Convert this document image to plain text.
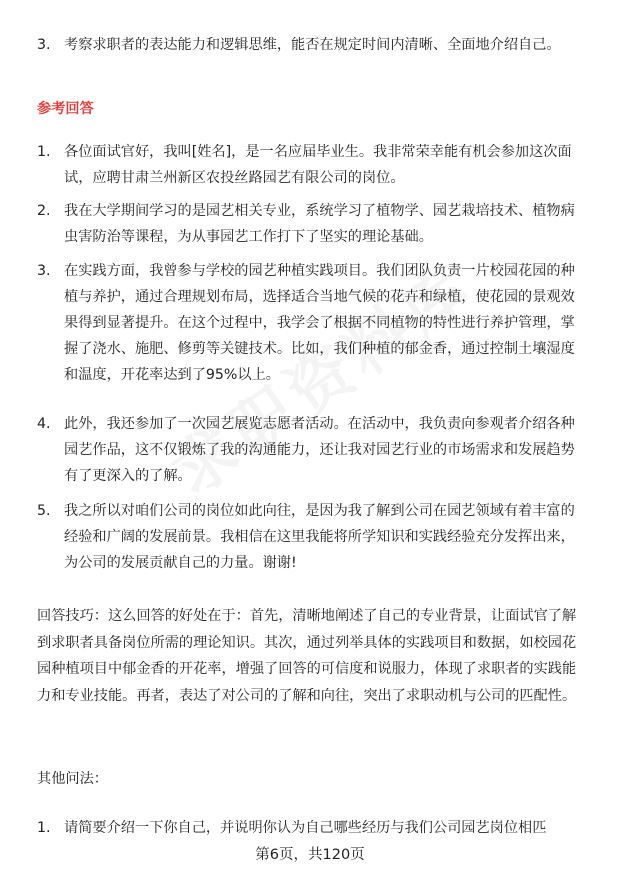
3. 考察求职者的表达能力和逻辑思维，能否在规定时间内清晰、全面地介绍自己。
参考回答
1. 各位面试官好，我叫[姓名]，是一名应届毕业生。我非常荣幸能有机会参加这次面试，应聘甘肃兰州新区农投丝路园艺有限公司的岗位。
2. 我在大学期间学习的是园艺相关专业，系统学习了植物学、园艺栽培技术、植物病虫害防治等课程，为从事园艺工作打下了坚实的理论基础。
3. 在实践方面，我曾参与学校的园艺种植实践项目。我们团队负责一片校园花园的种植与养护，通过合理规划布局，选择适合当地气候的花卉和绿植，使花园的景观效果得到显著提升。在这个过程中，我学会了根据不同植物的特性进行养护管理，掌握了浇水、施肥、修剪等关键技术。比如，我们种植的郁金香，通过控制土壤湿度和温度，开花率达到了95%以上。
4. 此外，我还参加了一次园艺展览志愿者活动。在活动中，我负责向参观者介绍各种园艺作品，这不仅锻炼了我的沟通能力，还让我对园艺行业的市场需求和发展趋势有了更深入的了解。
5. 我之所以对咱们公司的岗位如此向往，是因为我了解到公司在园艺领域有着丰富的经验和广阔的发展前景。我相信在这里我能将所学知识和实践经验充分发挥出来，为公司的发展贡献自己的力量。谢谢!
回答技巧：这么回答的好处在于：首先，清晰地阐述了自己的专业背景，让面试官了解到求职者具备岗位所需的理论知识。其次，通过列举具体的实践项目和数据，如校园花园种植项目中郁金香的开花率，增强了回答的可信度和说服力，体现了求职者的实践能力和专业技能。再者，表达了对公司的了解和向往，突出了求职动机与公司的匹配性。
其他问法：
1. 请简要介绍一下你自己，并说明你认为自己哪些经历与我们公司园艺岗位相匹
第6页，共120页
